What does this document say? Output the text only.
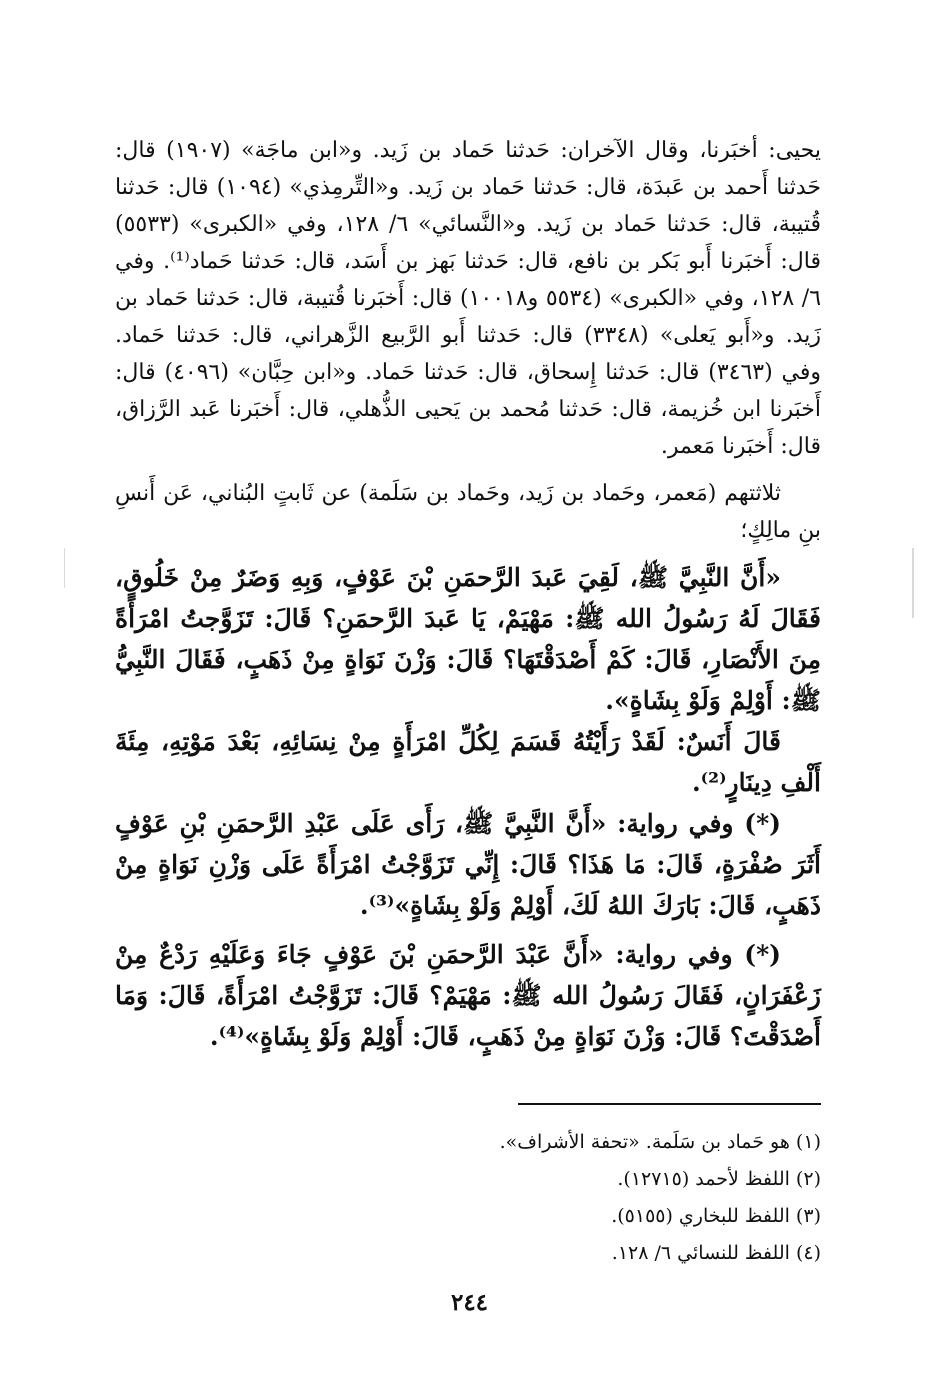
يحيى: أخبَرنا، وقال الآخران: حَدثنا حَماد بن زَيد. و«ابن ماجَة» (١٩٠٧) قال: حَدثنا أَحمد بن عَبدَة، قال: حَدثنا حَماد بن زَيد. و«التِّرمِذي» (١٠٩٤) قال: حَدثنا قُتيبة، قال: حَدثنا حَماد بن زَيد. و«النَّسائي» ٦/ ١٢٨، وفي «الكبرى» (٥٥٣٣) قال: أَخبَرنا أَبو بَكر بن نافع، قال: حَدثنا بَهز بن أَسَد، قال: حَدثنا حَماد⁽¹⁾. وفي ٦/ ١٢٨، وفي «الكبرى» (٥٥٣٤ و١٠٠١٨) قال: أَخبَرنا قُتيبة، قال: حَدثنا حَماد بن زَيد. و«أَبو يَعلى» (٣٣٤٨) قال: حَدثنا أَبو الرَّبيع الزَّهراني، قال: حَدثنا حَماد. وفي (٣٤٦٣) قال: حَدثنا إِسحاق، قال: حَدثنا حَماد. و«ابن حِبَّان» (٤٠٩٦) قال: أَخبَرنا ابن خُزيمة، قال: حَدثنا مُحمد بن يَحيى الذُّهلي، قال: أَخبَرنا عَبد الرَّزاق، قال: أَخبَرنا مَعمر.

ثلاثتهم (مَعمر، وحَماد بن زَيد، وحَماد بن سَلَمة) عن ثَابتٍ البُناني، عَن أَنسِ بنِ مالِكٍ؛

«أَنَّ النَّبِيَّ ﷺ، لَقِيَ عَبدَ الرَّحمَنِ بْنَ عَوْفٍ، وَبِهِ وَضَرٌ مِنْ خَلُوقٍ، فَقَالَ لَهُ رَسُولُ الله ﷺ: مَهْيَمْ، يَا عَبدَ الرَّحمَنِ؟ قَالَ: تَزَوَّجتُ امْرَأَةً مِنَ الأَنْصَارِ، قَالَ: كَمْ أَصْدَقْتَهَا؟ قَالَ: وَزْنَ نَوَاةٍ مِنْ ذَهَبٍ، فَقَالَ النَّبِيُّ ﷺ: أَوْلِمْ وَلَوْ بِشَاةٍ».

قَالَ أَنَسٌ: لَقَدْ رَأَيْتُهُ قَسَمَ لِكُلِّ امْرَأَةٍ مِنْ نِسَائِهِ، بَعْدَ مَوْتِهِ، مِئَةَ أَلْفِ دِينَارٍ⁽²⁾.

(*) وفي رواية: «أَنَّ النَّبِيَّ ﷺ، رَأَى عَلَى عَبْدِ الرَّحمَنِ بْنِ عَوْفٍ أَثَرَ صُفْرَةٍ، قَالَ: مَا هَذَا؟ قَالَ: إِنِّي تَزَوَّجْتُ امْرَأَةً عَلَى وَزْنِ نَوَاةٍ مِنْ ذَهَبٍ، قَالَ: بَارَكَ اللهُ لَكَ، أَوْلِمْ وَلَوْ بِشَاةٍ»⁽³⁾.

(*) وفي رواية: «أَنَّ عَبْدَ الرَّحمَنِ بْنَ عَوْفٍ جَاءَ وَعَلَيْهِ رَدْعٌ مِنْ زَعْفَرَانٍ، فَقَالَ رَسُولُ الله ﷺ: مَهْيَمْ؟ قَالَ: تَزَوَّجْتُ امْرَأَةً، قَالَ: وَمَا أَصْدَقْتَ؟ قَالَ: وَزْنَ نَوَاةٍ مِنْ ذَهَبٍ، قَالَ: أَوْلِمْ وَلَوْ بِشَاةٍ»⁽⁴⁾.

(١) هو حَماد بن سَلَمة. «تحفة الأشراف».

(٢) اللفظ لأحمد (١٢٧١٥).

(٣) اللفظ للبخاري (٥١٥٥).

(٤) اللفظ للنسائي ٦/ ١٢٨.

٢٤٤
